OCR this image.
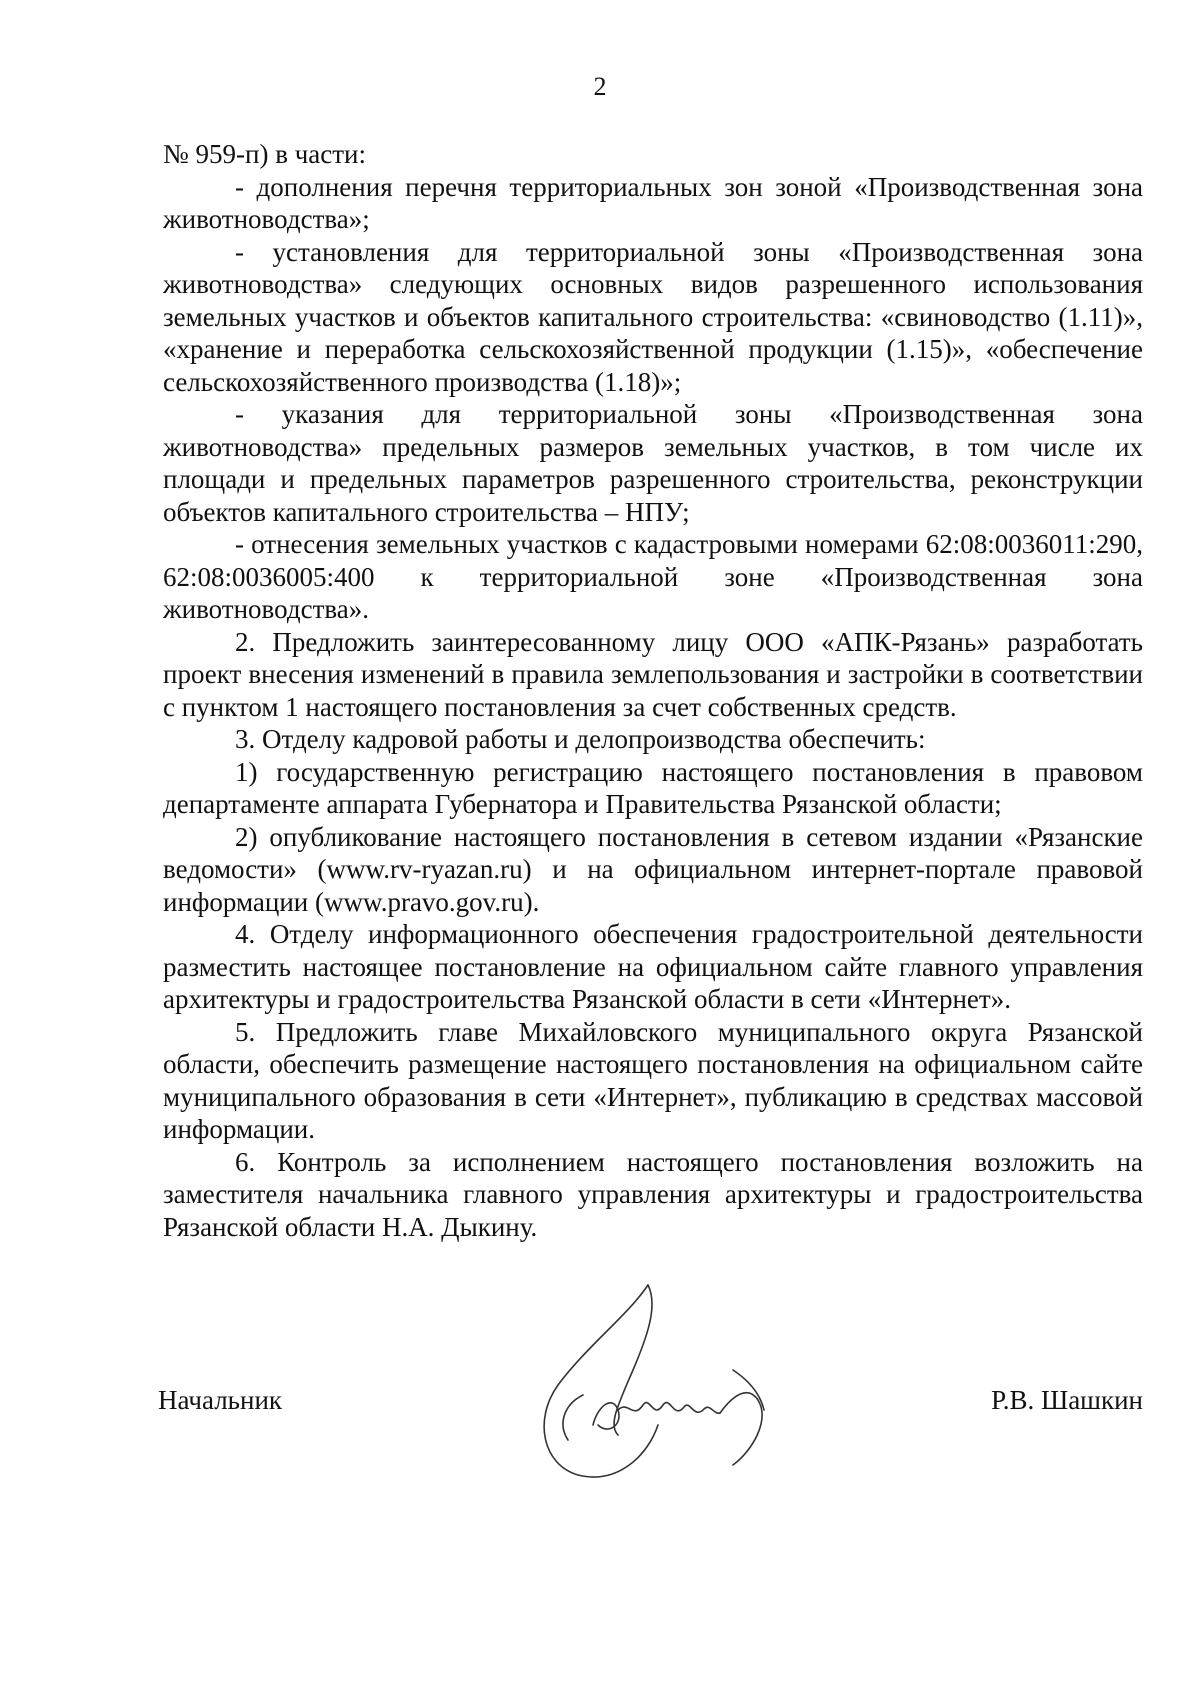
2

№ 959-п) в части:

- дополнения перечня территориальных зон зоной «Производственная зона животноводства»;

- установления для территориальной зоны «Производственная зона животноводства» следующих основных видов разрешенного использования земельных участков и объектов капитального строительства: «свиноводство (1.11)», «хранение и переработка сельскохозяйственной продукции (1.15)», «обеспечение сельскохозяйственного производства (1.18)»;

- указания для территориальной зоны «Производственная зона животноводства» предельных размеров земельных участков, в том числе их площади и предельных параметров разрешенного строительства, реконструкции объектов капитального строительства – НПУ;

- отнесения земельных участков с кадастровыми номерами 62:08:0036011:290, 62:08:0036005:400 к территориальной зоне «Производственная зона животноводства».

2. Предложить заинтересованному лицу ООО «АПК-Рязань» разработать проект внесения изменений в правила землепользования и застройки в соответствии с пунктом 1 настоящего постановления за счет собственных средств.

3. Отделу кадровой работы и делопроизводства обеспечить:

1) государственную регистрацию настоящего постановления в правовом департаменте аппарата Губернатора и Правительства Рязанской области;

2) опубликование настоящего постановления в сетевом издании «Рязанские ведомости» (www.rv-ryazan.ru) и на официальном интернет-портале правовой информации (www.pravo.gov.ru).

4. Отделу информационного обеспечения градостроительной деятельности разместить настоящее постановление на официальном сайте главного управления архитектуры и градостроительства Рязанской области в сети «Интернет».

5. Предложить главе Михайловского муниципального округа Рязанской области, обеспечить размещение настоящего постановления на официальном сайте муниципального образования в сети «Интернет», публикацию в средствах массовой информации.

6. Контроль за исполнением настоящего постановления возложить на заместителя начальника главного управления архитектуры и градостроительства Рязанской области Н.А. Дыкину.

Начальник	Р.В. Шашкин
